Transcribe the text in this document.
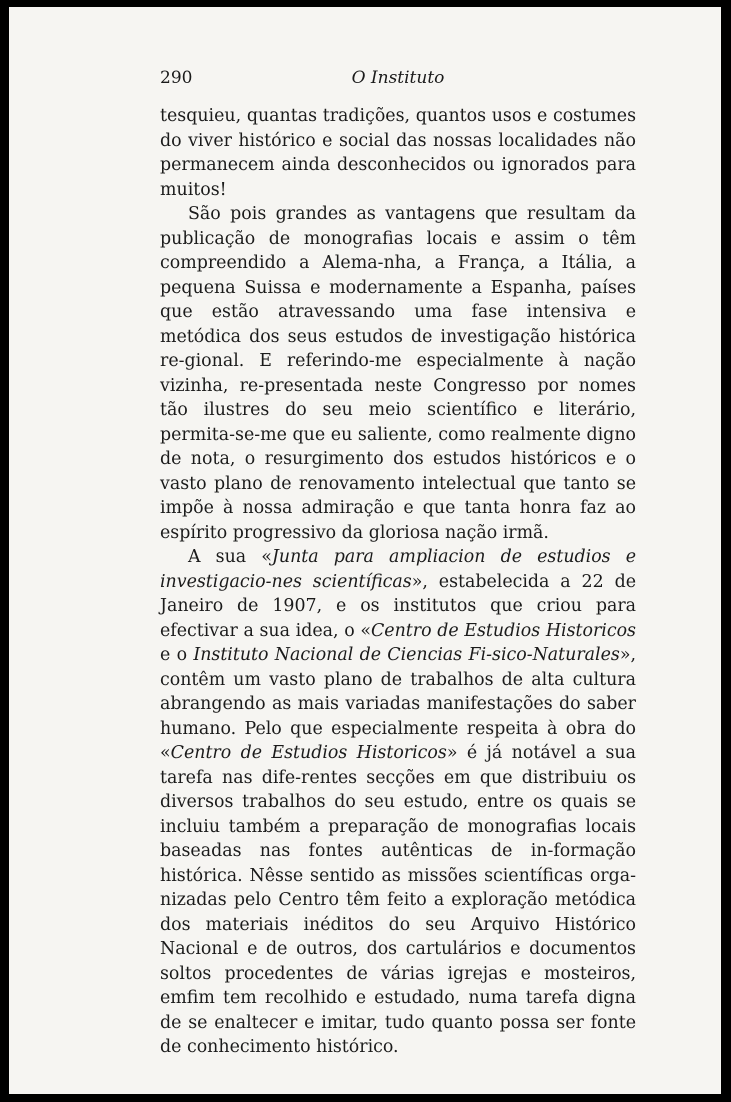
290	O Instituto

tesquieu, quantas tradições, quantos usos e costumes do viver histórico e social das nossas localidades não permanecem ainda desconhecidos ou ignorados para muitos!

São pois grandes as vantagens que resultam da publicação de monografias locais e assim o têm compreendido a Alema-nha, a França, a Itália, a pequena Suissa e modernamente a Espanha, países que estão atravessando uma fase intensiva e metódica dos seus estudos de investigação histórica re-gional. E referindo-me especialmente à nação vizinha, re-presentada neste Congresso por nomes tão ilustres do seu meio scientífico e literário, permita-se-me que eu saliente, como realmente digno de nota, o resurgimento dos estudos históricos e o vasto plano de renovamento intelectual que tanto se impõe à nossa admiração e que tanta honra faz ao espírito progressivo da gloriosa nação irmã.

A sua «Junta para ampliacion de estudios e investigacio-nes scientíficas», estabelecida a 22 de Janeiro de 1907, e os institutos que criou para efectivar a sua idea, o «Centro de Estudios Historicos e o Instituto Nacional de Ciencias Fi-sico-Naturales», contêm um vasto plano de trabalhos de alta cultura abrangendo as mais variadas manifestações do saber humano. Pelo que especialmente respeita à obra do «Centro de Estudios Historicos» é já notável a sua tarefa nas dife-rentes secções em que distribuiu os diversos trabalhos do seu estudo, entre os quais se incluiu também a preparação de monografias locais baseadas nas fontes autênticas de in-formação histórica. Nêsse sentido as missões scientíficas orga-nizadas pelo Centro têm feito a exploração metódica dos materiais inéditos do seu Arquivo Histórico Nacional e de outros, dos cartulários e documentos soltos procedentes de várias igrejas e mosteiros, emfim tem recolhido e estudado, numa tarefa digna de se enaltecer e imitar, tudo quanto possa ser fonte de conhecimento histórico.
